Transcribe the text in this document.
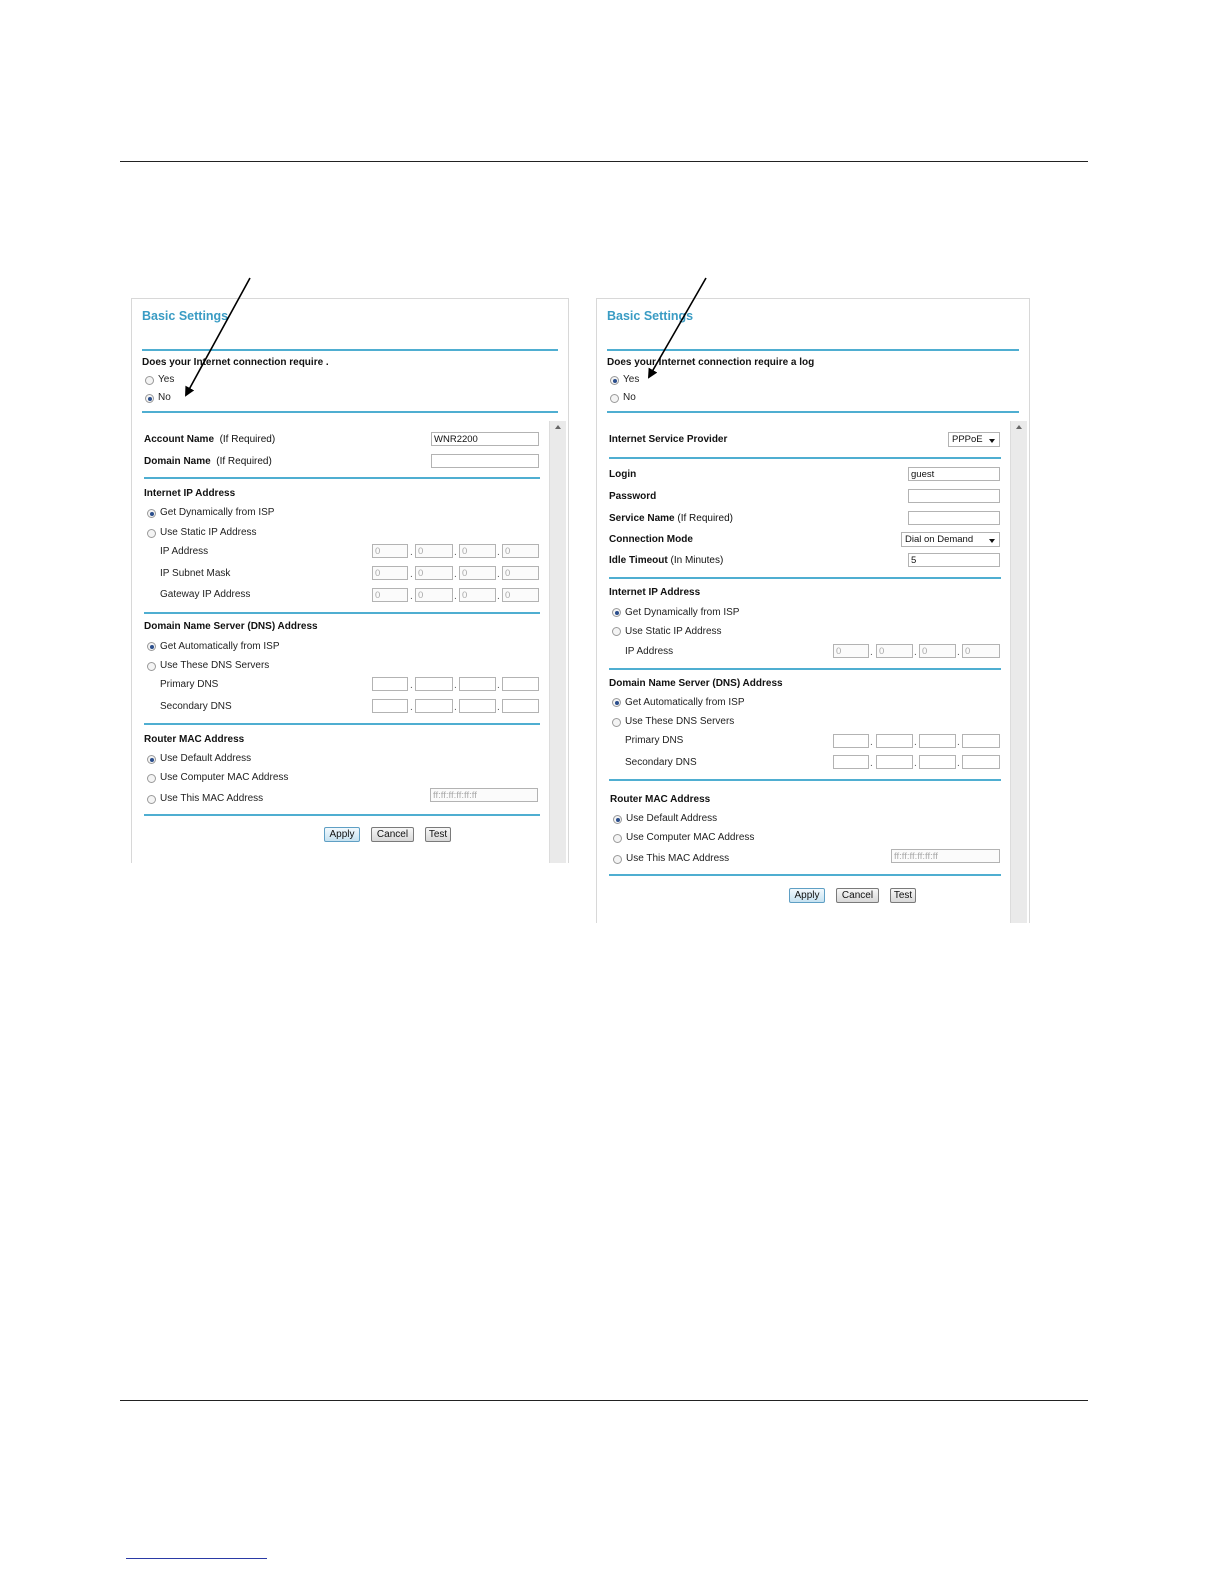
Basic Settings
Does your Internet connection require .
Yes
No
Account Name (If Required)	WNR2200
Domain Name (If Required)
Internet IP Address
Get Dynamically from ISP
Use Static IP Address
IP Address	0	. 0	. 0	. 0
IP Subnet Mask	0	. 0	. 0	. 0
Gateway IP Address	0	. 0	. 0	. 0
Domain Name Server (DNS) Address
Get Automatically from ISP
Use These DNS Servers
Primary DNS	.	.	.
Secondary DNS	.	.	.
Router MAC Address
Use Default Address
Use Computer MAC Address
Use This MAC Address	ff:ff:ff:ff:ff:ff
Apply	Cancel	Test
Basic Settings
Does your Internet connection require a log
Yes
No
Internet Service Provider	PPPoE
Login	guest
Password
Service Name (If Required)
Connection Mode	Dial on Demand
Idle Timeout (In Minutes)	5
Internet IP Address
Get Dynamically from ISP
Use Static IP Address
IP Address	0	. 0	. 0	. 0
Domain Name Server (DNS) Address
Get Automatically from ISP
Use These DNS Servers
Primary DNS	.	.	.
Secondary DNS	.	.	.
Router MAC Address
Use Default Address
Use Computer MAC Address
Use This MAC Address	ff:ff:ff:ff:ff:ff
Apply	Cancel	Test
